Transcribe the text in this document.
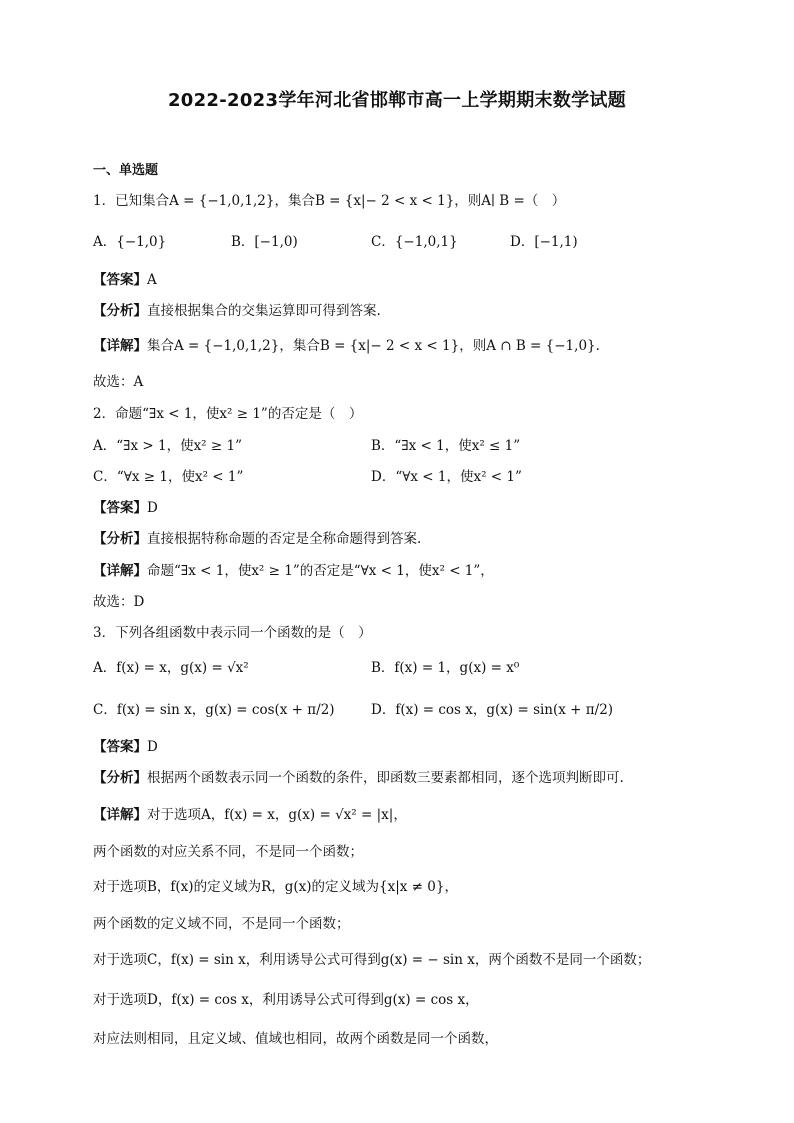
2022-2023学年河北省邯郸市高一上学期期末数学试题
一、单选题
1．已知集合A = {−1,0,1,2}，集合B = {x|− 2 < x < 1}，则A∣ B =（　）
A．{−1,0}	B．[−1,0)	C．{−1,0,1}	D．[−1,1)
【答案】A
【分析】直接根据集合的交集运算即可得到答案.
【详解】集合A = {−1,0,1,2}，集合B = {x|− 2 < x < 1}，则A ∩ B = {−1,0}.
故选：A
2．命题“∃x < 1，使x² ≥ 1”的否定是（　）
A．“∃x > 1，使x² ≥ 1”	B．“∃x < 1，使x² ≤ 1”
C．“∀x ≥ 1，使x² < 1”	D．“∀x < 1，使x² < 1”
【答案】D
【分析】直接根据特称命题的否定是全称命题得到答案.
【详解】命题“∃x < 1，使x² ≥ 1”的否定是“∀x < 1，使x² < 1”，
故选：D
3．下列各组函数中表示同一个函数的是（　）
A．f(x) = x，g(x) = √x²	B．f(x) = 1，g(x) = x⁰
C．f(x) = sin x，g(x) = cos(x + π/2)	D．f(x) = cos x，g(x) = sin(x + π/2)
【答案】D
【分析】根据两个函数表示同一个函数的条件，即函数三要素都相同，逐个选项判断即可.
【详解】对于选项A，f(x) = x，g(x) = √x² = |x|，
两个函数的对应关系不同，不是同一个函数；
对于选项B，f(x)的定义域为R，g(x)的定义域为{x|x ≠ 0}，
两个函数的定义域不同，不是同一个函数；
对于选项C，f(x) = sin x，利用诱导公式可得到g(x) = − sin x，两个函数不是同一个函数；
对于选项D，f(x) = cos x，利用诱导公式可得到g(x) = cos x，
对应法则相同，且定义域、值域也相同，故两个函数是同一个函数，
